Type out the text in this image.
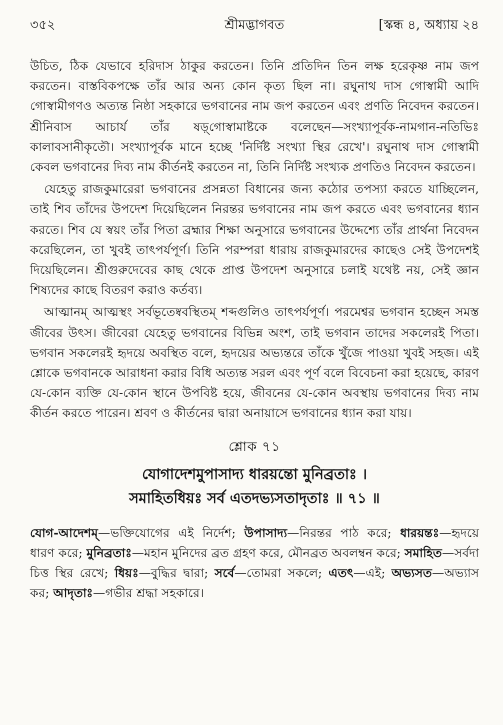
৩৫২	শ্রীমদ্ভাগবত	[স্কন্ধ ৪, অধ্যায় ২৪

উচিত, ঠিক যেভাবে হরিদাস ঠাকুর করতেন। তিনি প্রতিদিন তিন লক্ষ হরেকৃষ্ণ নাম জপ করতেন। বাস্তবিকপক্ষে তাঁর আর অন্য কোন কৃত্য ছিল না। রঘুনাথ দাস গোস্বামী আদি গোস্বামীগণও অত্যন্ত নিষ্ঠা সহকারে ভগবানের নাম জপ করতেন এবং প্রণতি নিবেদন করতেন। শ্রীনিবাস আচার্য তাঁর ষড়্‌গোস্বামাষ্টকে বলেছেন—সংখ্যাপূর্বক-নামগান-নতিভিঃ কালাবসানীকৃতৌ। সংখ্যাপূর্বক মানে হচ্ছে 'নির্দিষ্ট সংখ্যা স্থির রেখে'। রঘুনাথ দাস গোস্বামী কেবল ভগবানের দিব্য নাম কীর্তনই করতেন না, তিনি নির্দিষ্ট সংখ্যক প্রণতিও নিবেদন করতেন।

যেহেতু রাজকুমারেরা ভগবানের প্রসন্নতা বিধানের জন্য কঠোর তপস্যা করতে যাচ্ছিলেন, তাই শিব তাঁদের উপদেশ দিয়েছিলেন নিরন্তর ভগবানের নাম জপ করতে এবং ভগবানের ধ্যান করতে। শিব যে স্বয়ং তাঁর পিতা ব্রহ্মার শিক্ষা অনুসারে ভগবানের উদ্দেশ্যে তাঁর প্রার্থনা নিবেদন করেছিলেন, তা খুবই তাৎপর্যপূর্ণ। তিনি পরম্পরা ধারায় রাজকুমারদের কাছেও সেই উপদেশই দিয়েছিলেন। শ্রীগুরুদেবের কাছ থেকে প্রাপ্ত উপদেশ অনুসারে চলাই যথেষ্ট নয়, সেই জ্ঞান শিষ্যদের কাছে বিতরণ করাও কর্তব্য।

আত্মানম্ আত্মস্থং সর্বভূতেষ্ববস্থিতম্ শব্দগুলিও তাৎপর্যপূর্ণ। পরমেশ্বর ভগবান হচ্ছেন সমস্ত জীবের উৎস। জীবেরা যেহেতু ভগবানের বিভিন্ন অংশ, তাই ভগবান তাদের সকলেরই পিতা। ভগবান সকলেরই হৃদয়ে অবস্থিত বলে, হৃদয়ের অভ্যন্তরে তাঁকে খুঁজে পাওয়া খুবই সহজ। এই শ্লোকে ভগবানকে আরাধনা করার বিধি অত্যন্ত সরল এবং পূর্ণ বলে বিবেচনা করা হয়েছে, কারণ যে-কোন ব্যক্তি যে-কোন স্থানে উপবিষ্ট হয়ে, জীবনের যে-কোন অবস্থায় ভগবানের দিব্য নাম কীর্তন করতে পারেন। শ্রবণ ও কীর্তনের দ্বারা অনায়াসে ভগবানের ধ্যান করা যায়।

শ্লোক ৭১
যোগাদেশমুপাসাদ্য ধারয়ন্তো মুনিব্রতাঃ ।
সমাহিতধিয়ঃ সর্ব এতদভ্যসতাদৃতাঃ ॥ ৭১ ॥
যোগ-আদেশম্—ভক্তিযোগের এই নির্দেশ; উপাসাদ্য—নিরন্তর পাঠ করে; ধারয়ন্তঃ—হৃদয়ে ধারণ করে; মুনিব্রতাঃ—মহান মুনিদের ব্রত গ্রহণ করে, মৌনব্রত অবলম্বন করে; সমাহিত—সর্বদা চিত্ত স্থির রেখে; ধিয়ঃ—বুদ্ধির দ্বারা; সর্বে—তোমরা সকলে; এতৎ—এই; অভ্যসত—অভ্যাস কর; আদৃতাঃ—গভীর শ্রদ্ধা সহকারে।
